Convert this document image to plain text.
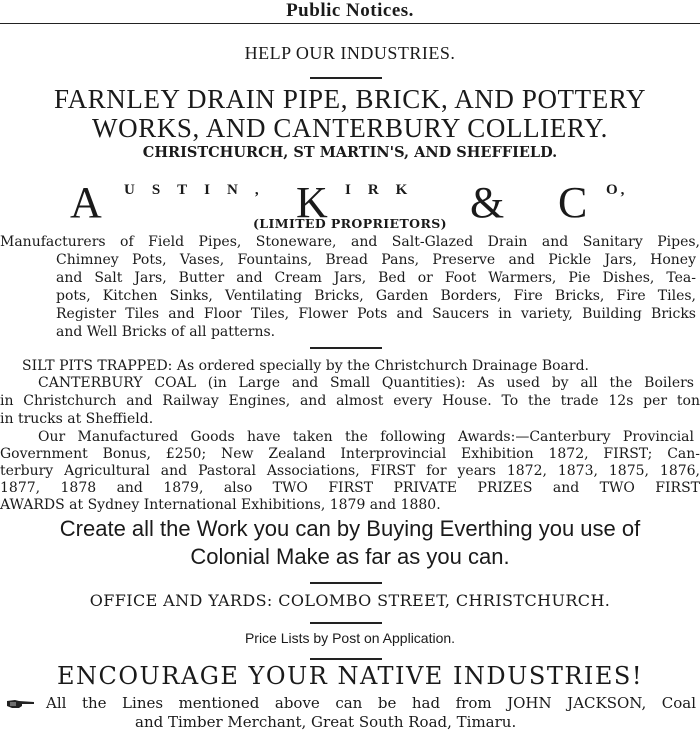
Public Notices.
HELP OUR INDUSTRIES.
FARNLEY DRAIN PIPE, BRICK, AND POTTERY
WORKS, AND CANTERBURY COLLIERY.
CHRISTCHURCH, ST MARTIN'S, AND SHEFFIELD.
A USTIN, K IRK & C O,
(LIMITED PROPRIETORS)
Manufacturers of Field Pipes, Stoneware, and Salt-Glazed Drain and Sanitary Pipes,
Chimney Pots, Vases, Fountains, Bread Pans, Preserve and Pickle Jars, Honey
and Salt Jars, Butter and Cream Jars, Bed or Foot Warmers, Pie Dishes, Tea-
pots, Kitchen Sinks, Ventilating Bricks, Garden Borders, Fire Bricks, Fire Tiles,
Register Tiles and Floor Tiles, Flower Pots and Saucers in variety, Building Bricks
and Well Bricks of all patterns.
SILT PITS TRAPPED: As ordered specially by the Christchurch Drainage Board.
CANTERBURY COAL (in Large and Small Quantities): As used by all the Boilers
in Christchurch and Railway Engines, and almost every House. To the trade 12s per ton
in trucks at Sheffield.
Our Manufactured Goods have taken the following Awards:—Canterbury Provincial
Government Bonus, £250; New Zealand Interprovincial Exhibition 1872, FIRST; Can-
terbury Agricultural and Pastoral Associations, FIRST for years 1872, 1873, 1875, 1876,
1877, 1878 and 1879, also TWO FIRST PRIVATE PRIZES and TWO FIRST
AWARDS at Sydney International Exhibitions, 1879 and 1880.
Create all the Work you can by Buying Everthing you use of
Colonial Make as far as you can.
OFFICE AND YARDS: COLOMBO STREET, CHRISTCHURCH.
Price Lists by Post on Application.
ENCOURAGE YOUR NATIVE INDUSTRIES!
All the Lines mentioned above can be had from JOHN JACKSON, Coal
and Timber Merchant, Great South Road, Timaru.
